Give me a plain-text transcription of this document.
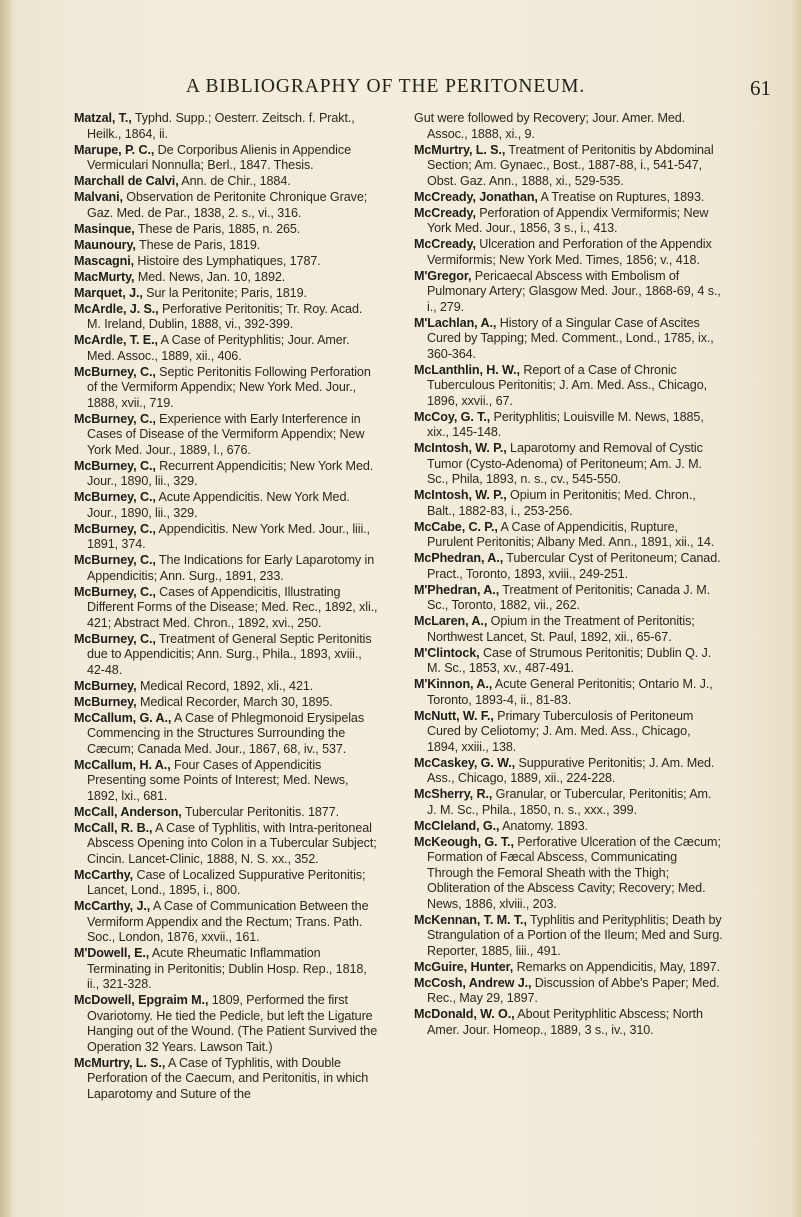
A BIBLIOGRAPHY OF THE PERITONEUM.	61

Matzal, T., Typhd. Supp.; Oesterr. Zeitsch. f. Prakt., Heilk., 1864, ii.

Marupe, P. C., De Corporibus Alienis in Appendice Vermiculari Nonnulla; Berl., 1847. Thesis.

Marchall de Calvi, Ann. de Chir., 1884.

Malvani, Observation de Peritonite Chronique Grave; Gaz. Med. de Par., 1838, 2. s., vi., 316.

Masinque, These de Paris, 1885, n. 265.

Maunoury, These de Paris, 1819.

Mascagni, Histoire des Lymphatiques, 1787.

MacMurty, Med. News, Jan. 10, 1892.

Marquet, J., Sur la Peritonite; Paris, 1819.

McArdle, J. S., Perforative Peritonitis; Tr. Roy. Acad. M. Ireland, Dublin, 1888, vi., 392-399.

McArdle, T. E., A Case of Perityphlitis; Jour. Amer. Med. Assoc., 1889, xii., 406.

McBurney, C., Septic Peritonitis Following Perforation of the Vermiform Appendix; New York Med. Jour., 1888, xvii., 719.

McBurney, C., Experience with Early Interference in Cases of Disease of the Vermiform Appendix; New York Med. Jour., 1889, l., 676.

McBurney, C., Recurrent Appendicitis; New York Med. Jour., 1890, lii., 329.

McBurney, C., Acute Appendicitis. New York Med. Jour., 1890, lii., 329.

McBurney, C., Appendicitis. New York Med. Jour., liii., 1891, 374.

McBurney, C., The Indications for Early Laparotomy in Appendicitis; Ann. Surg., 1891, 233.

McBurney, C., Cases of Appendicitis, Illustrating Different Forms of the Disease; Med. Rec., 1892, xli., 421; Abstract Med. Chron., 1892, xvi., 250.

McBurney, C., Treatment of General Septic Peritonitis due to Appendicitis; Ann. Surg., Phila., 1893, xviii., 42-48.

McBurney, Medical Record, 1892, xli., 421.

McBurney, Medical Recorder, March 30, 1895.

McCallum, G. A., A Case of Phlegmonoid Erysipelas Commencing in the Structures Surrounding the Cæcum; Canada Med. Jour., 1867, 68, iv., 537.

McCallum, H. A., Four Cases of Appendicitis Presenting some Points of Interest; Med. News, 1892, lxi., 681.

McCall, Anderson, Tubercular Peritonitis. 1877.

McCall, R. B., A Case of Typhlitis, with Intra-peritoneal Abscess Opening into Colon in a Tubercular Subject; Cincin. Lancet-Clinic, 1888, N. S. xx., 352.

McCarthy, Case of Localized Suppurative Peritonitis; Lancet, Lond., 1895, i., 800.

McCarthy, J., A Case of Communication Between the Vermiform Appendix and the Rectum; Trans. Path. Soc., London, 1876, xxvii., 161.

M'Dowell, E., Acute Rheumatic Inflammation Terminating in Peritonitis; Dublin Hosp. Rep., 1818, ii., 321-328.

McDowell, Epgraim M., 1809, Performed the first Ovariotomy. He tied the Pedicle, but left the Ligature Hanging out of the Wound. (The Patient Survived the Operation 32 Years. Lawson Tait.)

McMurtry, L. S., A Case of Typhlitis, with Double Perforation of the Caecum, and Peritonitis, in which Laparotomy and Suture of the

Gut were followed by Recovery; Jour. Amer. Med. Assoc., 1888, xi., 9.

McMurtry, L. S., Treatment of Peritonitis by Abdominal Section; Am. Gynaec., Bost., 1887-88, i., 541-547, Obst. Gaz. Ann., 1888, xi., 529-535.

McCready, Jonathan, A Treatise on Ruptures, 1893.

McCready, Perforation of Appendix Vermiformis; New York Med. Jour., 1856, 3 s., i., 413.

McCready, Ulceration and Perforation of the Appendix Vermiformis; New York Med. Times, 1856; v., 418.

M'Gregor, Pericaecal Abscess with Embolism of Pulmonary Artery; Glasgow Med. Jour., 1868-69, 4 s., i., 279.

M'Lachlan, A., History of a Singular Case of Ascites Cured by Tapping; Med. Comment., Lond., 1785, ix., 360-364.

McLanthlin, H. W., Report of a Case of Chronic Tuberculous Peritonitis; J. Am. Med. Ass., Chicago, 1896, xxvii., 67.

McCoy, G. T., Perityphlitis; Louisville M. News, 1885, xix., 145-148.

McIntosh, W. P., Laparotomy and Removal of Cystic Tumor (Cysto-Adenoma) of Peritoneum; Am. J. M. Sc., Phila, 1893, n. s., cv., 545-550.

McIntosh, W. P., Opium in Peritonitis; Med. Chron., Balt., 1882-83, i., 253-256.

McCabe, C. P., A Case of Appendicitis, Rupture, Purulent Peritonitis; Albany Med. Ann., 1891, xii., 14.

McPhedran, A., Tubercular Cyst of Peritoneum; Canad. Pract., Toronto, 1893, xviii., 249-251.

M'Phedran, A., Treatment of Peritonitis; Canada J. M. Sc., Toronto, 1882, vii., 262.

McLaren, A., Opium in the Treatment of Peritonitis; Northwest Lancet, St. Paul, 1892, xii., 65-67.

M'Clintock, Case of Strumous Peritonitis; Dublin Q. J. M. Sc., 1853, xv., 487-491.

M'Kinnon, A., Acute General Peritonitis; Ontario M. J., Toronto, 1893-4, ii., 81-83.

McNutt, W. F., Primary Tuberculosis of Peritoneum Cured by Celiotomy; J. Am. Med. Ass., Chicago, 1894, xxiii., 138.

McCaskey, G. W., Suppurative Peritonitis; J. Am. Med. Ass., Chicago, 1889, xii., 224-228.

McSherry, R., Granular, or Tubercular, Peritonitis; Am. J. M. Sc., Phila., 1850, n. s., xxx., 399.

McCleland, G., Anatomy. 1893.

McKeough, G. T., Perforative Ulceration of the Cæcum; Formation of Fæcal Abscess, Communicating Through the Femoral Sheath with the Thigh; Obliteration of the Abscess Cavity; Recovery; Med. News, 1886, xlviii., 203.

McKennan, T. M. T., Typhlitis and Perityphlitis; Death by Strangulation of a Portion of the Ileum; Med and Surg. Reporter, 1885, liii., 491.

McGuire, Hunter, Remarks on Appendicitis, May, 1897.

McCosh, Andrew J., Discussion of Abbe's Paper; Med. Rec., May 29, 1897.

McDonald, W. O., About Perityphlitic Abscess; North Amer. Jour. Homeop., 1889, 3 s., iv., 310.
